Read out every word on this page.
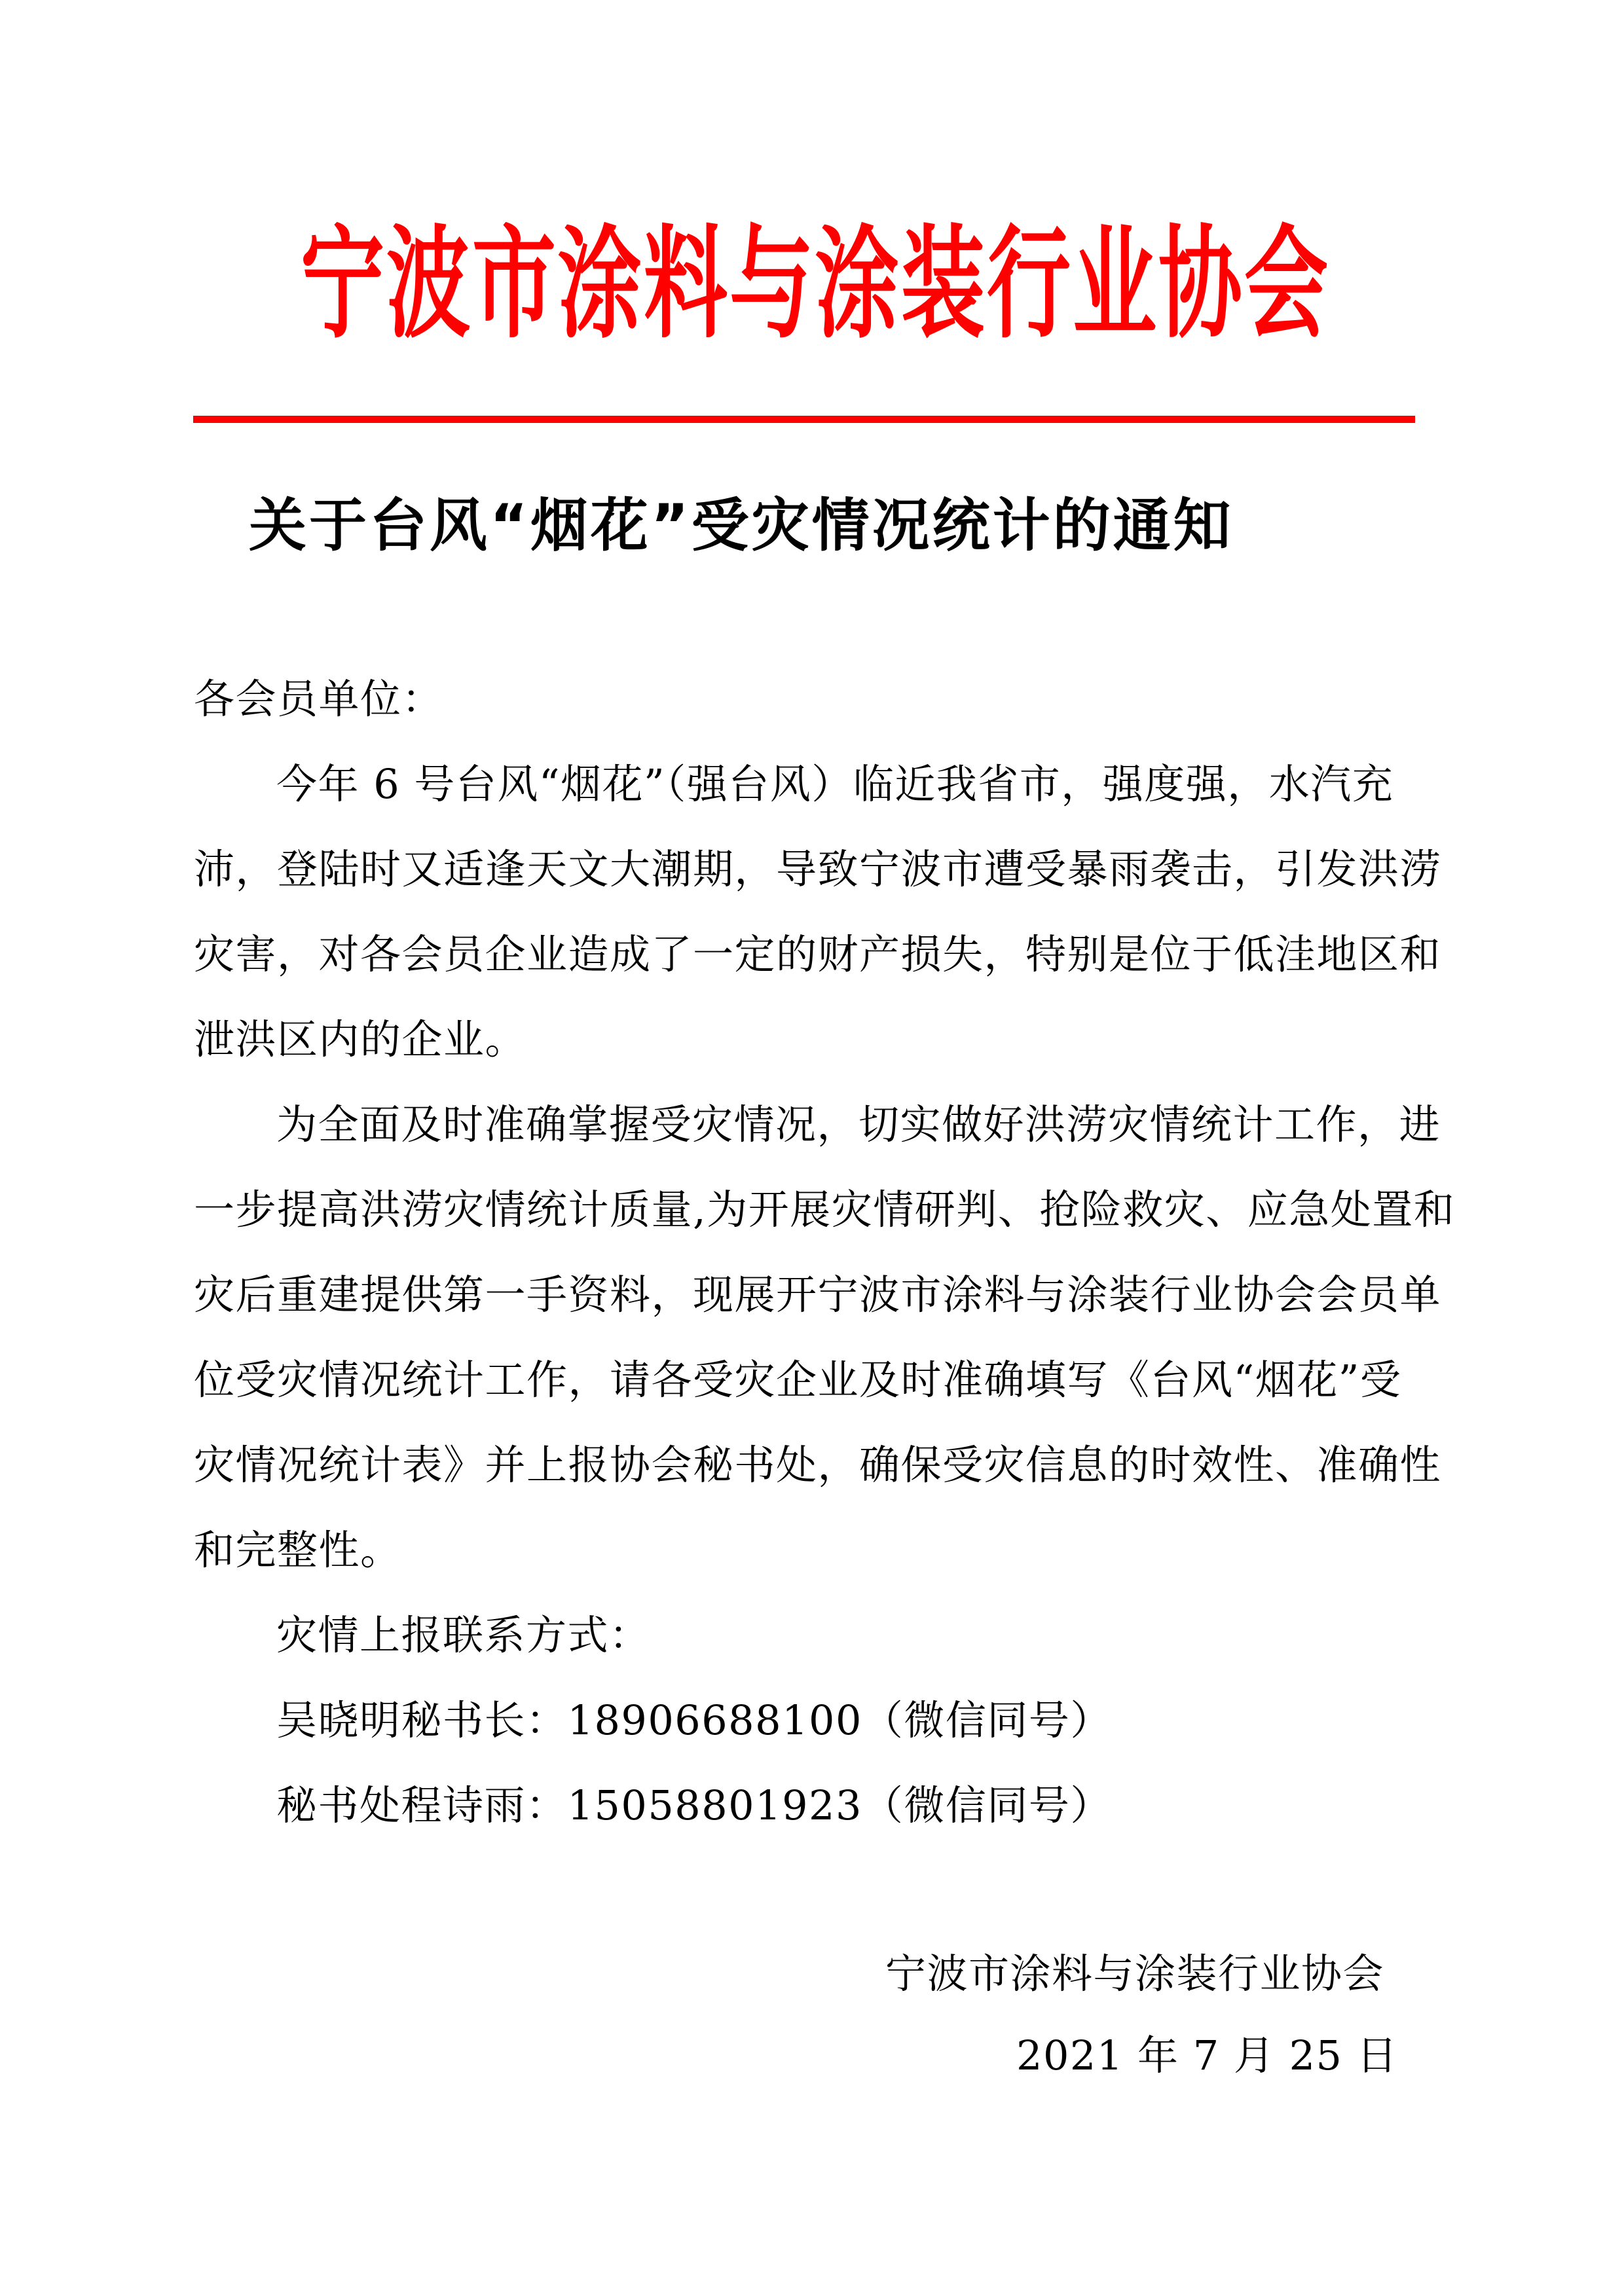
宁波市涂料与涂装行业协会
关于台风“烟花”受灾情况统计的通知
各会员单位：
今年 6 号台风“烟花”（强台风）临近我省市，强度强，水汽充
沛，登陆时又适逢天文大潮期，导致宁波市遭受暴雨袭击，引发洪涝
灾害，对各会员企业造成了一定的财产损失，特别是位于低洼地区和
泄洪区内的企业。
为全面及时准确掌握受灾情况，切实做好洪涝灾情统计工作，进
一步提高洪涝灾情统计质量,为开展灾情研判、抢险救灾、应急处置和
灾后重建提供第一手资料，现展开宁波市涂料与涂装行业协会会员单
位受灾情况统计工作，请各受灾企业及时准确填写《台风“烟花”受
灾情况统计表》并上报协会秘书处，确保受灾信息的时效性、准确性
和完整性。
灾情上报联系方式：
吴晓明秘书长：18906688100（微信同号）
秘书处程诗雨：15058801923（微信同号）
宁波市涂料与涂装行业协会
2021 年 7 月 25 日
